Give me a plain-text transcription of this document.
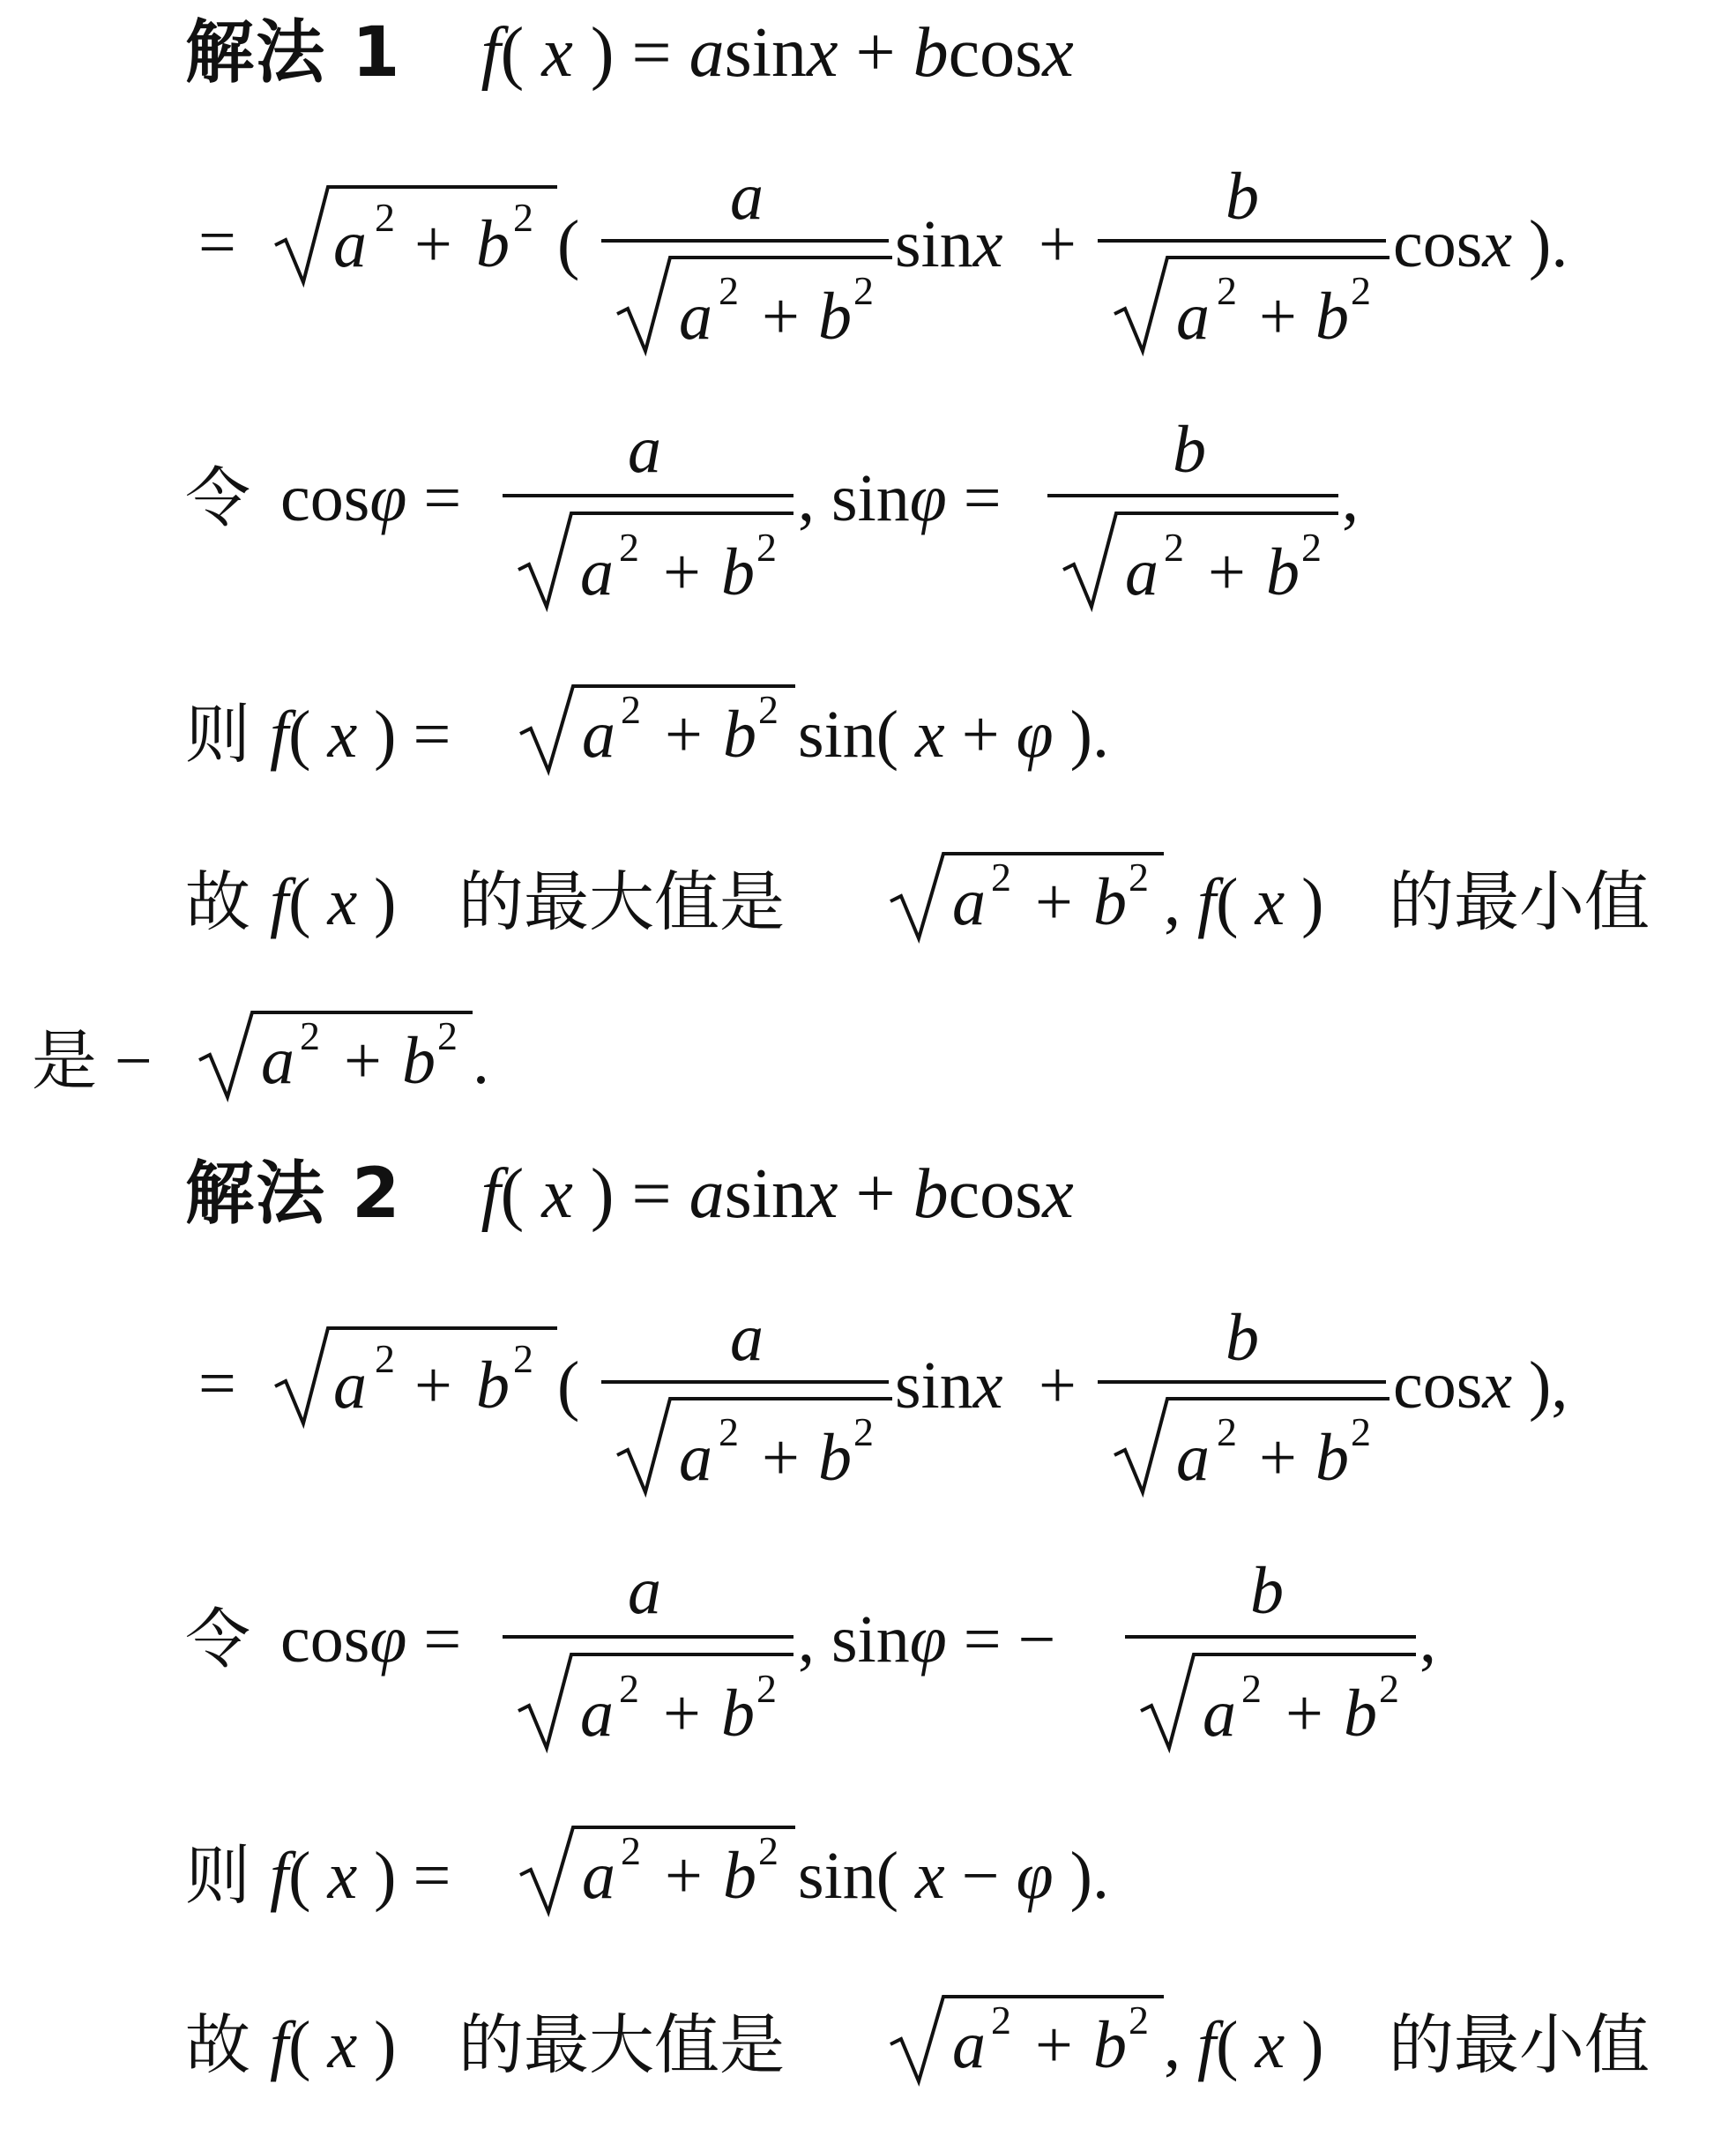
解法 1 f( x ) = asinx + bcosx
= a 2 + b 2 (
a
a 2 + b 2
sinx +
b
a 2 + b 2
cosx ).
令 cosφ =
a
a 2 + b 2
, sinφ =
b
a 2 + b 2
,
则 f( x ) = a 2 + b 2 sin( x + φ ).
故 f( x ) 的最大值是	a 2 + b 2 , f( x ) 的最小值
是 − a 2 + b 2 .
= a 2 + b 2 (
a
a 2 + b 2
sinx +
b
a 2 + b 2
cosx ),
令 cosφ =
a
a 2 + b 2
, sinφ = −
b
a 2 + b 2
,
则 f( x ) = a 2 + b 2 sin( x − φ ).
故 f( x ) 的最大值是	a 2 + b 2 , f( x ) 的最小值
解法 2 f( x ) = asinx + bcosx
